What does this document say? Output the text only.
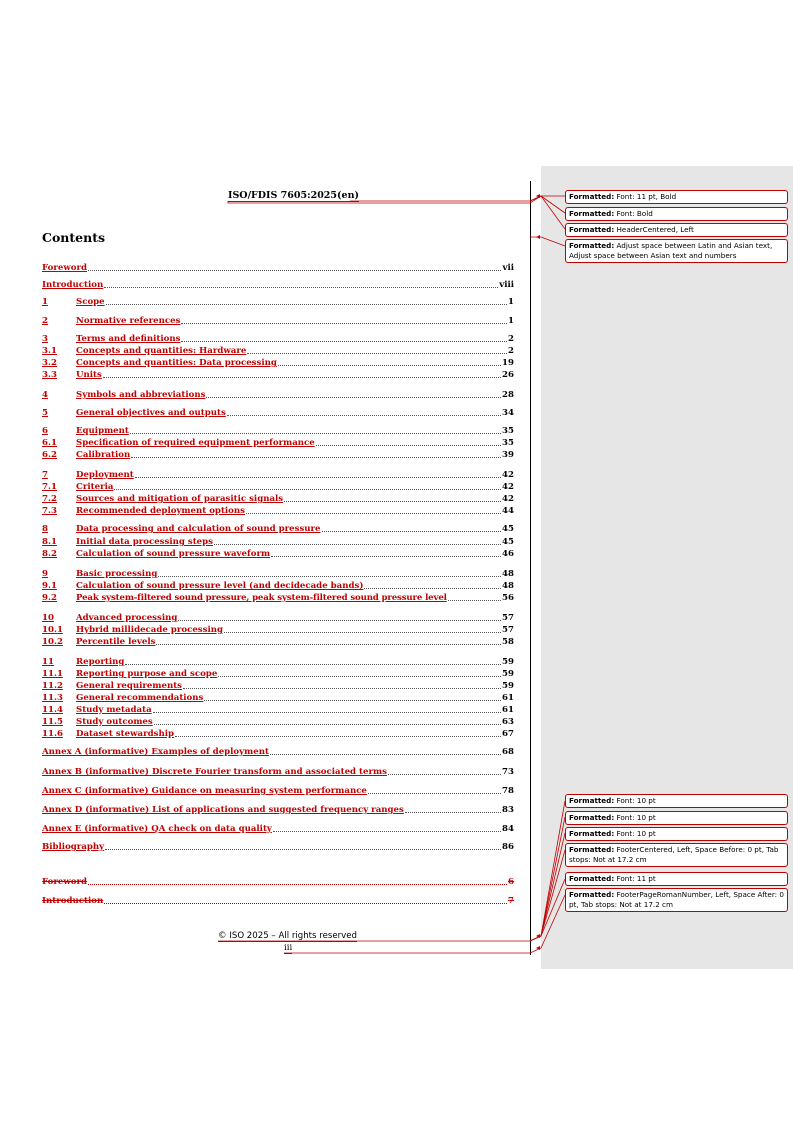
ISO/FDIS 7605:2025(en)
Contents
Foreword	vii
Introduction	viii
1	Scope	1
2	Normative references	1
3	Terms and definitions	2
3.1	Concepts and quantities: Hardware	2
3.2	Concepts and quantities: Data processing	19
3.3	Units	26
4	Symbols and abbreviations	28
5	General objectives and outputs	34
6	Equipment	35
6.1	Specification of required equipment performance	35
6.2	Calibration	39
7	Deployment	42
7.1	Criteria	42
7.2	Sources and mitigation of parasitic signals	42
7.3	Recommended deployment options	44
8	Data processing and calculation of sound pressure	45
8.1	Initial data processing steps	45
8.2	Calculation of sound pressure waveform	46
9	Basic processing	48
9.1	Calculation of sound pressure level (and decidecade bands)	48
9.2	Peak system-filtered sound pressure, peak system-filtered sound pressure level	56
10	Advanced processing	57
10.1	Hybrid millidecade processing	57
10.2	Percentile levels	58
11	Reporting	59
11.1	Reporting purpose and scope	59
11.2	General requirements	59
11.3	General recommendations	61
11.4	Study metadata	61
11.5	Study outcomes	63
11.6	Dataset stewardship	67
Annex A (informative) Examples of deployment	68
Annex B (informative) Discrete Fourier transform and associated terms	73
Annex C (informative) Guidance on measuring system performance	78
Annex D (informative) List of applications and suggested frequency ranges	83
Annex E (informative) QA check on data quality	84
Bibliography	86
Foreword	6
Introduction	7
© ISO 2025 – All rights reserved
iii
Formatted: Font: 11 pt, Bold
Formatted: Font: Bold
Formatted: HeaderCentered, Left
Formatted: Adjust space between Latin and Asian text, Adjust space between Asian text and numbers
Formatted: Font: 10 pt
Formatted: Font: 10 pt
Formatted: Font: 10 pt
Formatted: FooterCentered, Left, Space Before: 0 pt, Tab stops: Not at 17.2 cm
Formatted: Font: 11 pt
Formatted: FooterPageRomanNumber, Left, Space After: 0 pt, Tab stops: Not at 17.2 cm
